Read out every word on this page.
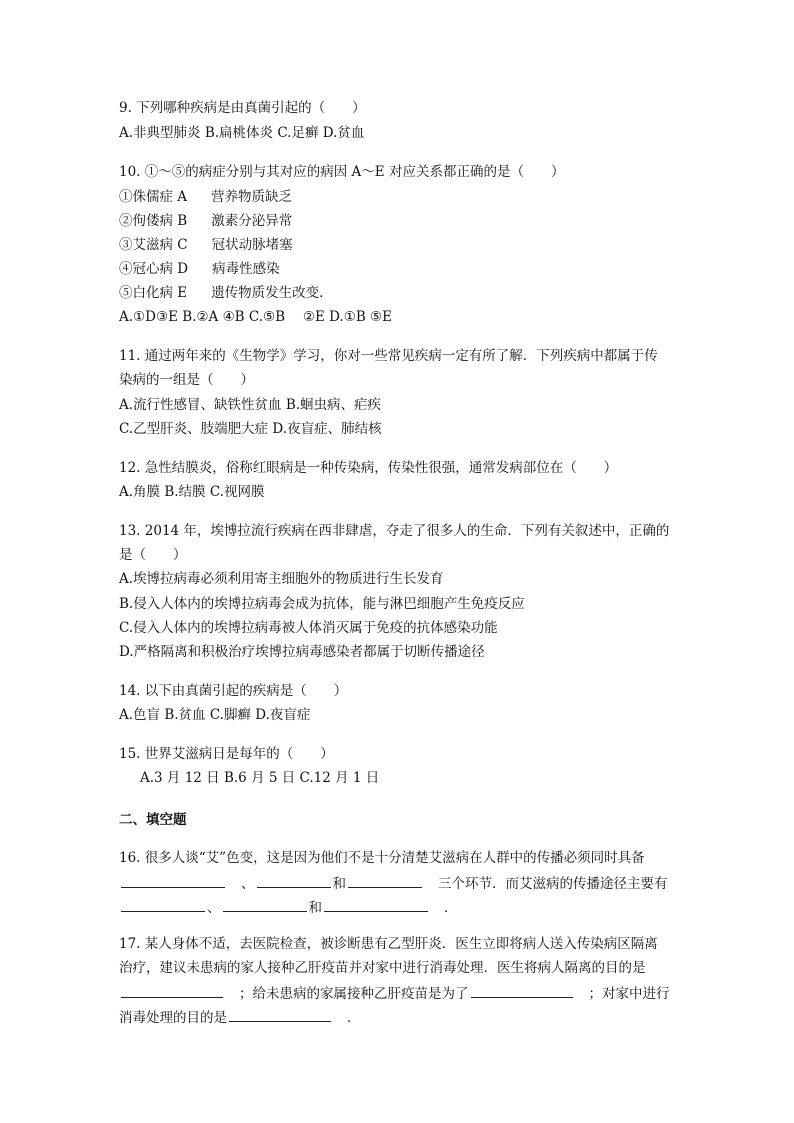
9. 下列哪种疾病是由真菌引起的（　　）
A.非典型肺炎 B.扁桃体炎 C.足癣 D.贫血
10. ①～⑤的病症分别与其对应的病因 A～E 对应关系都正确的是（　　）
①侏儒症 A 营养物质缺乏
②佝偻病 B 激素分泌异常
③艾滋病 C 冠状动脉堵塞
④冠心病 D 病毒性感染
⑤白化病 E 遗传物质发生改变．
A.①D③E B.②A ④B C.⑤B　 ②E D.①B ⑤E
11. 通过两年来的《生物学》学习，你对一些常见疾病一定有所了解．下列疾病中都属于传
染病的一组是（　　）
A.流行性感冒、缺铁性贫血 B.蛔虫病、疟疾
C.乙型肝炎、肢端肥大症 D.夜盲症、肺结核
12. 急性结膜炎，俗称红眼病是一种传染病，传染性很强，通常发病部位在（　　）
A.角膜 B.结膜 C.视网膜
13. 2014 年，埃博拉流行疾病在西非肆虐，夺走了很多人的生命．下列有关叙述中，正确的
是（　　）
A.埃博拉病毒必须利用寄主细胞外的物质进行生长发育
B.侵入人体内的埃博拉病毒会成为抗体，能与淋巴细胞产生免疫反应
C.侵入人体内的埃博拉病毒被人体消灭属于免疫的抗体感染功能
D.严格隔离和积极治疗埃博拉病毒感染者都属于切断传播途径
14. 以下由真菌引起的疾病是（　　）
A.色盲 B.贫血 C.脚癣 D.夜盲症
15. 世界艾滋病日是每年的（　　）
A.3 月 12 日 B.6 月 5 日 C.12 月 1 日
二、填空题
16. 很多人谈“艾”色变，这是因为他们不是十分清楚艾滋病在人群中的传播必须同时具备
、	和	三个环节．而艾滋病的传播途径主要有
、	和	．
17. 某人身体不适，去医院检查，被诊断患有乙型肝炎．医生立即将病人送入传染病区隔离
治疗，建议未患病的家人接种乙肝疫苗并对家中进行消毒处理．医生将病人隔离的目的是
；给未患病的家属接种乙肝疫苗是为了	；对家中进行
消毒处理的目的是	．
